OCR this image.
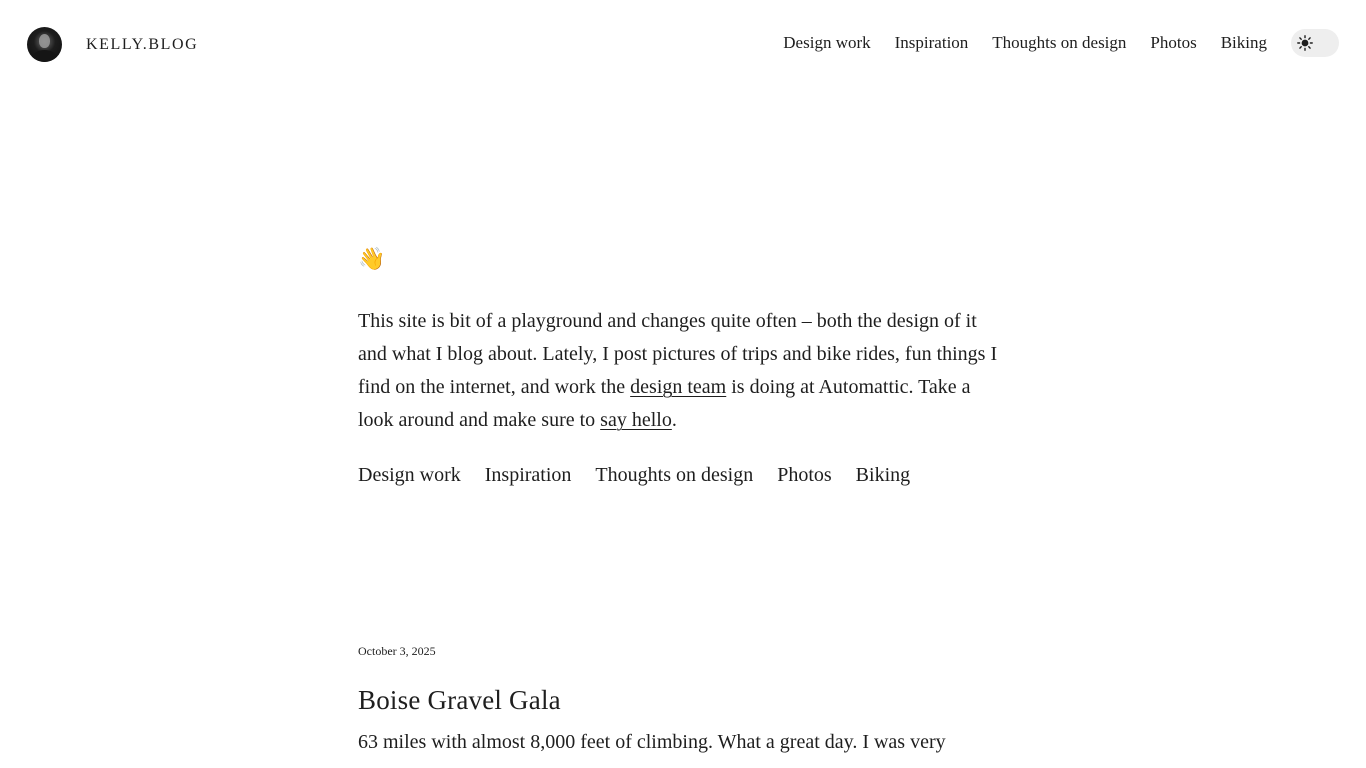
KELLY.BLOG	Design work Inspiration Thoughts on design Photos Biking
👋

This site is bit of a playground and changes quite often – both the design of it and what I blog about. Lately, I post pictures of trips and bike rides, fun things I find on the internet, and work the design team is doing at Automattic. Take a look around and make sure to say hello.

Design work Inspiration Thoughts on design Photos Biking
October 3, 2025
Boise Gravel Gala

63 miles with almost 8,000 feet of climbing. What a great day. I was very
